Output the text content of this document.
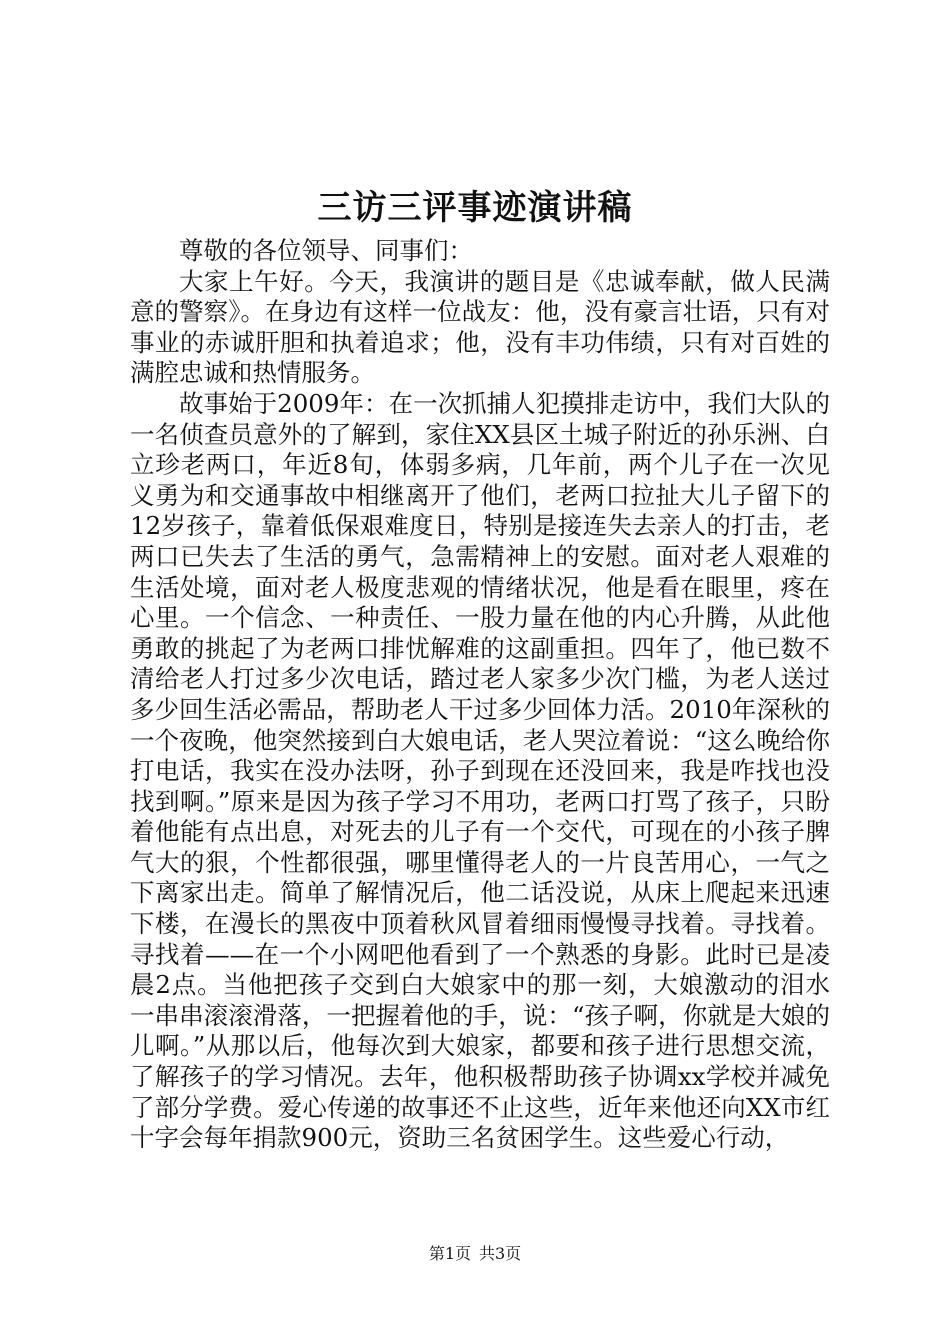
三访三评事迹演讲稿

尊敬的各位领导、同事们：

大家上午好。今天，我演讲的题目是《忠诚奉献，做人民满意的警察》。在身边有这样一位战友：他，没有豪言壮语，只有对事业的赤诚肝胆和执着追求；他，没有丰功伟绩，只有对百姓的满腔忠诚和热情服务。

故事始于2009年：在一次抓捕人犯摸排走访中，我们大队的一名侦查员意外的了解到，家住XX县区土城子附近的孙乐洲、白立珍老两口，年近8旬，体弱多病，几年前，两个儿子在一次见义勇为和交通事故中相继离开了他们，老两口拉扯大儿子留下的12岁孩子，靠着低保艰难度日，特别是接连失去亲人的打击，老两口已失去了生活的勇气，急需精神上的安慰。面对老人艰难的生活处境，面对老人极度悲观的情绪状况，他是看在眼里，疼在心里。一个信念、一种责任、一股力量在他的内心升腾，从此他勇敢的挑起了为老两口排忧解难的这副重担。四年了，他已数不清给老人打过多少次电话，踏过老人家多少次门槛，为老人送过多少回生活必需品，帮助老人干过多少回体力活。2010年深秋的一个夜晚，他突然接到白大娘电话，老人哭泣着说：“这么晚给你打电话，我实在没办法呀，孙子到现在还没回来，我是咋找也没找到啊。”原来是因为孩子学习不用功，老两口打骂了孩子，只盼着他能有点出息，对死去的儿子有一个交代，可现在的小孩子脾气大的狠，个性都很强，哪里懂得老人的一片良苦用心，一气之下离家出走。简单了解情况后，他二话没说，从床上爬起来迅速下楼，在漫长的黑夜中顶着秋风冒着细雨慢慢寻找着。寻找着。寻找着——在一个小网吧他看到了一个熟悉的身影。此时已是凌晨2点。当他把孩子交到白大娘家中的那一刻，大娘激动的泪水一串串滚滚滑落，一把握着他的手，说：“孩子啊，你就是大娘的儿啊。”从那以后，他每次到大娘家，都要和孩子进行思想交流，了解孩子的学习情况。去年，他积极帮助孩子协调xx学校并减免了部分学费。爱心传递的故事还不止这些，近年来他还向XX市红十字会每年捐款900元，资助三名贫困学生。这些爱心行动，

第1页 共3页
